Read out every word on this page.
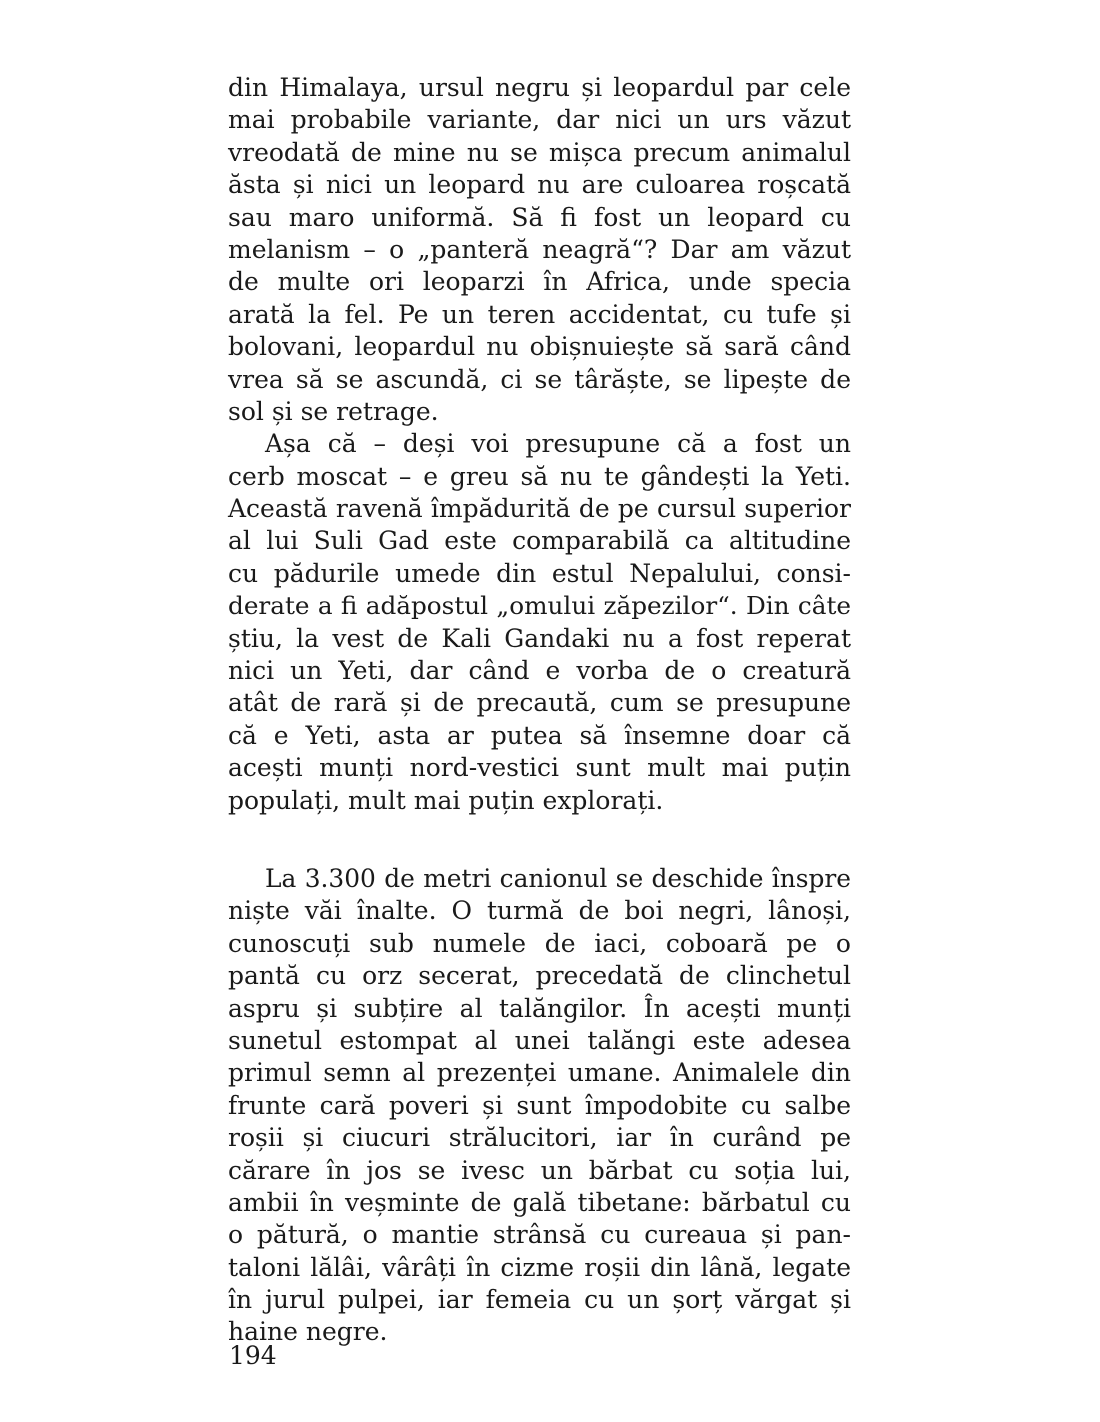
din Himalaya, ursul negru și leopardul par cele
mai probabile variante, dar nici un urs văzut
vreodată de mine nu se mișca precum animalul
ăsta și nici un leopard nu are culoarea roșcată
sau maro uniformă. Să fi fost un leopard cu
melanism – o „panteră neagră“? Dar am văzut
de multe ori leoparzi în Africa, unde specia
arată la fel. Pe un teren accidentat, cu tufe și
bolovani, leopardul nu obișnuiește să sară când
vrea să se ascundă, ci se târăște, se lipește de
sol și se retrage.
Așa că – deși voi presupune că a fost un
cerb moscat – e greu să nu te gândești la Yeti.
Această ravenă împădurită de pe cursul superior
al lui Suli Gad este comparabilă ca altitudine
cu pădurile umede din estul Nepalului, consi-
derate a fi adăpostul „omului zăpezilor“. Din câte
știu, la vest de Kali Gandaki nu a fost reperat
nici un Yeti, dar când e vorba de o creatură
atât de rară și de precaută, cum se presupune
că e Yeti, asta ar putea să însemne doar că
acești munți nord-vestici sunt mult mai puțin
populați, mult mai puțin explorați.
La 3.300 de metri canionul se deschide înspre
niște văi înalte. O turmă de boi negri, lânoși,
cunoscuți sub numele de iaci, coboară pe o
pantă cu orz secerat, precedată de clinchetul
aspru și subțire al talăngilor. În acești munți
sunetul estompat al unei talăngi este adesea
primul semn al prezenței umane. Animalele din
frunte cară poveri și sunt împodobite cu salbe
roșii și ciucuri strălucitori, iar în curând pe
cărare în jos se ivesc un bărbat cu soția lui,
ambii în veșminte de gală tibetane: bărbatul cu
o pătură, o mantie strânsă cu cureaua și pan-
taloni lălâi, vârâți în cizme roșii din lână, legate
în jurul pulpei, iar femeia cu un șorț vărgat și
haine negre.

194
